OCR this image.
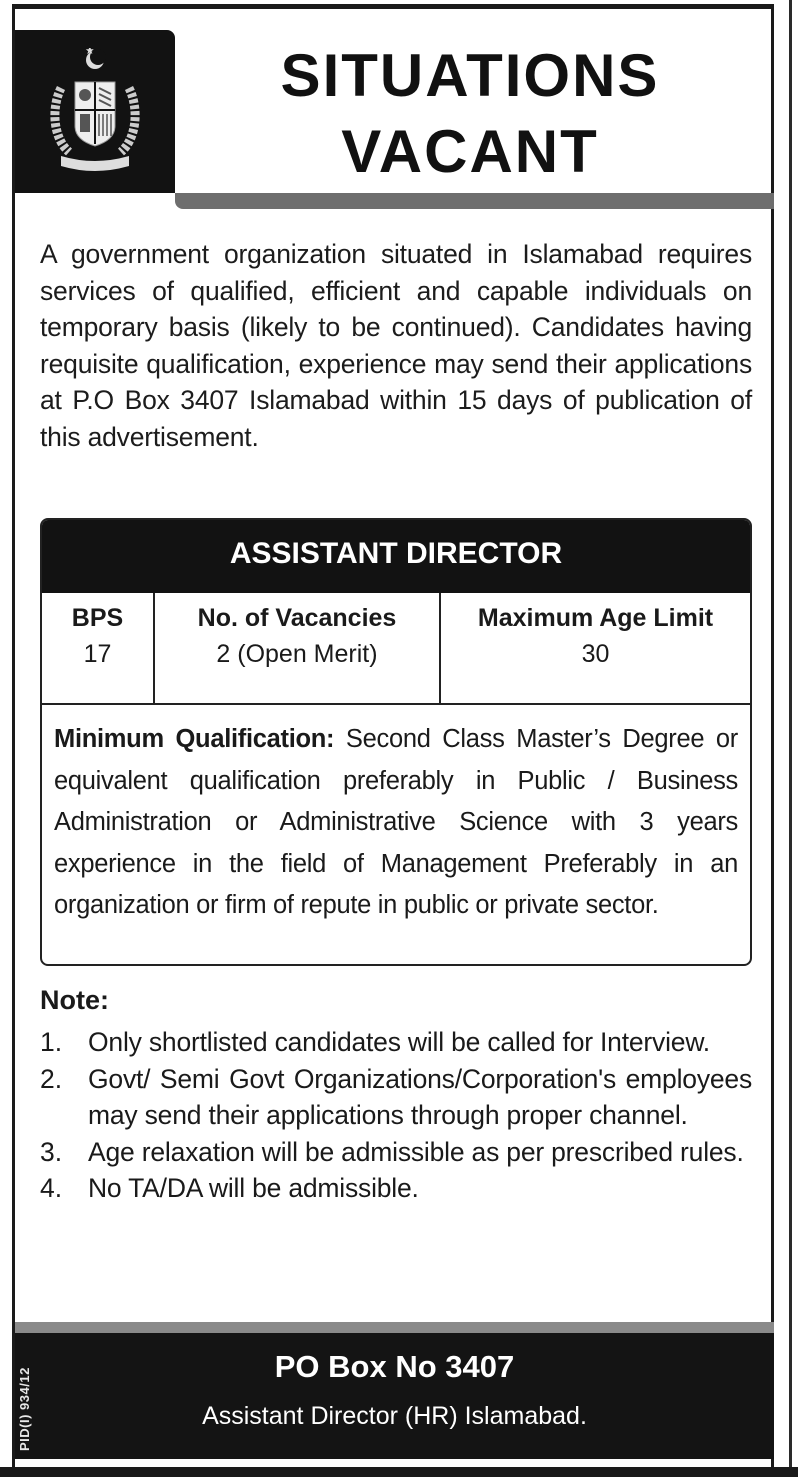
SITUATIONS
VACANT

A government organization situated in Islamabad requires services of qualified, efficient and capable individuals on temporary basis (likely to be continued). Candidates having requisite qualification, experience may send their applications at P.O Box 3407 Islamabad within 15 days of publication of this advertisement.

ASSISTANT DIRECTOR
BPS
17
No. of Vacancies
2 (Open Merit)
Maximum Age Limit
30
Minimum Qualification: Second Class Master’s Degree or equivalent qualification preferably in Public / Business Administration or Administrative Science with 3 years experience in the field of Management Preferably in an organization or firm of repute in public or private sector.
Note:
1. Only shortlisted candidates will be called for Interview.
2. Govt/ Semi Govt Organizations/Corporation's employees may send their applications through proper channel.
3. Age relaxation will be admissible as per prescribed rules.
4. No TA/DA will be admissible.
PID(I) 934/12
PO Box No 3407
Assistant Director (HR) Islamabad.
